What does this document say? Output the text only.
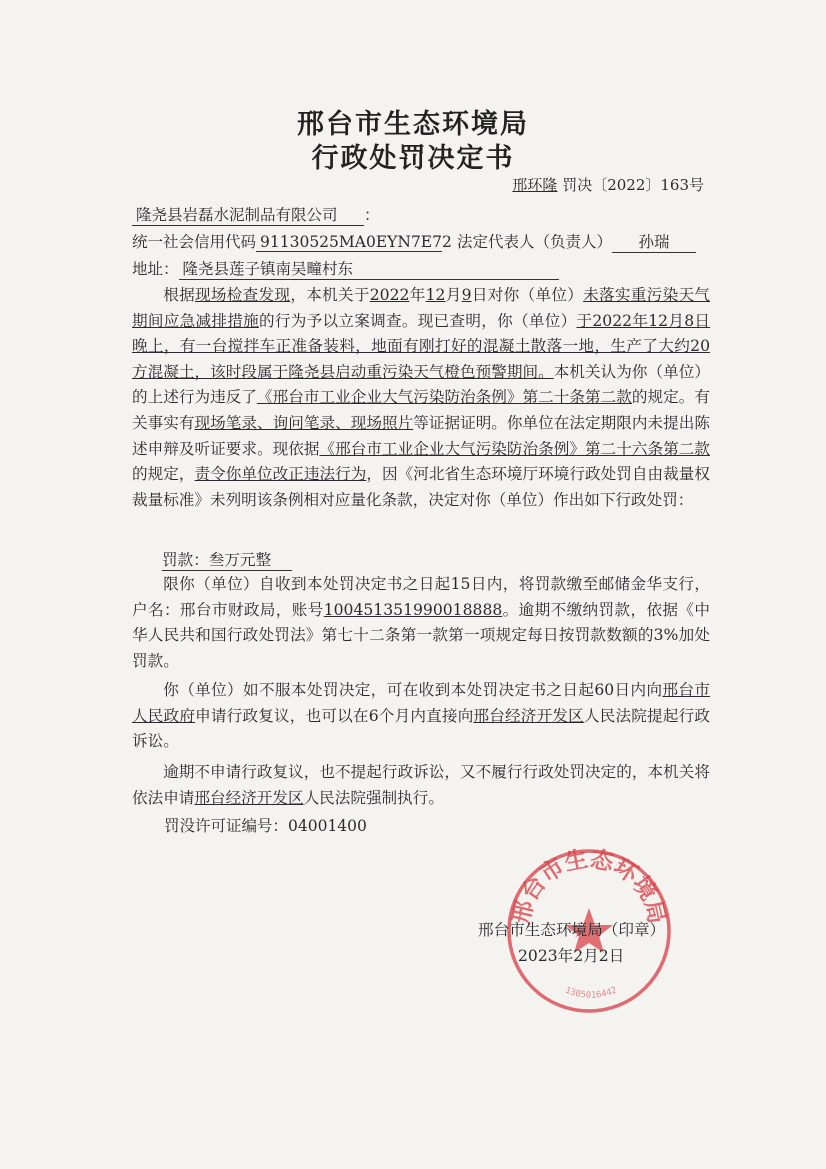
邢台市生态环境局
行政处罚决定书
邢环隆 罚决〔2022〕163号
隆尧县岩磊水泥制品有限公司 ：
统一社会信用代码 91130525MA0EYN7E72 法定代表人（负责人） 孙瑞
地址： 隆尧县莲子镇南吴疃村东

根据现场检查发现，本机关于2022年12月9日对你（单位）未落实重污染天气期间应急减排措施的行为予以立案调查。现已查明，你（单位）于2022年12月8日晚上，有一台搅拌车正准备装料，地面有刚打好的混凝土散落一地，生产了大约20方混凝土，该时段属于隆尧县启动重污染天气橙色预警期间。本机关认为你（单位）的上述行为违反了《邢台市工业企业大气污染防治条例》第二十条第二款的规定。有关事实有现场笔录、询问笔录、现场照片等证据证明。你单位在法定期限内未提出陈述申辩及听证要求。现依据《邢台市工业企业大气污染防治条例》第二十六条第二款的规定，责令你单位改正违法行为，因《河北省生态环境厅环境行政处罚自由裁量权裁量标准》未列明该条例相对应量化条款，决定对你（单位）作出如下行政处罚：

罚款：叁万元整

限你（单位）自收到本处罚决定书之日起15日内，将罚款缴至邮储金华支行，户名：邢台市财政局，账号100451351990018888。逾期不缴纳罚款，依据《中华人民共和国行政处罚法》第七十二条第一款第一项规定每日按罚款数额的3%加处罚款。

你（单位）如不服本处罚决定，可在收到本处罚决定书之日起60日内向邢台市人民政府申请行政复议，也可以在6个月内直接向邢台经济开发区人民法院提起行政诉讼。

逾期不申请行政复议，也不提起行政诉讼，又不履行行政处罚决定的，本机关将依法申请邢台经济开发区人民法院强制执行。

罚没许可证编号：04001400
邢台市生态环境局
1305016442
邢台市生态环境局（印章）
2023年2月2日
